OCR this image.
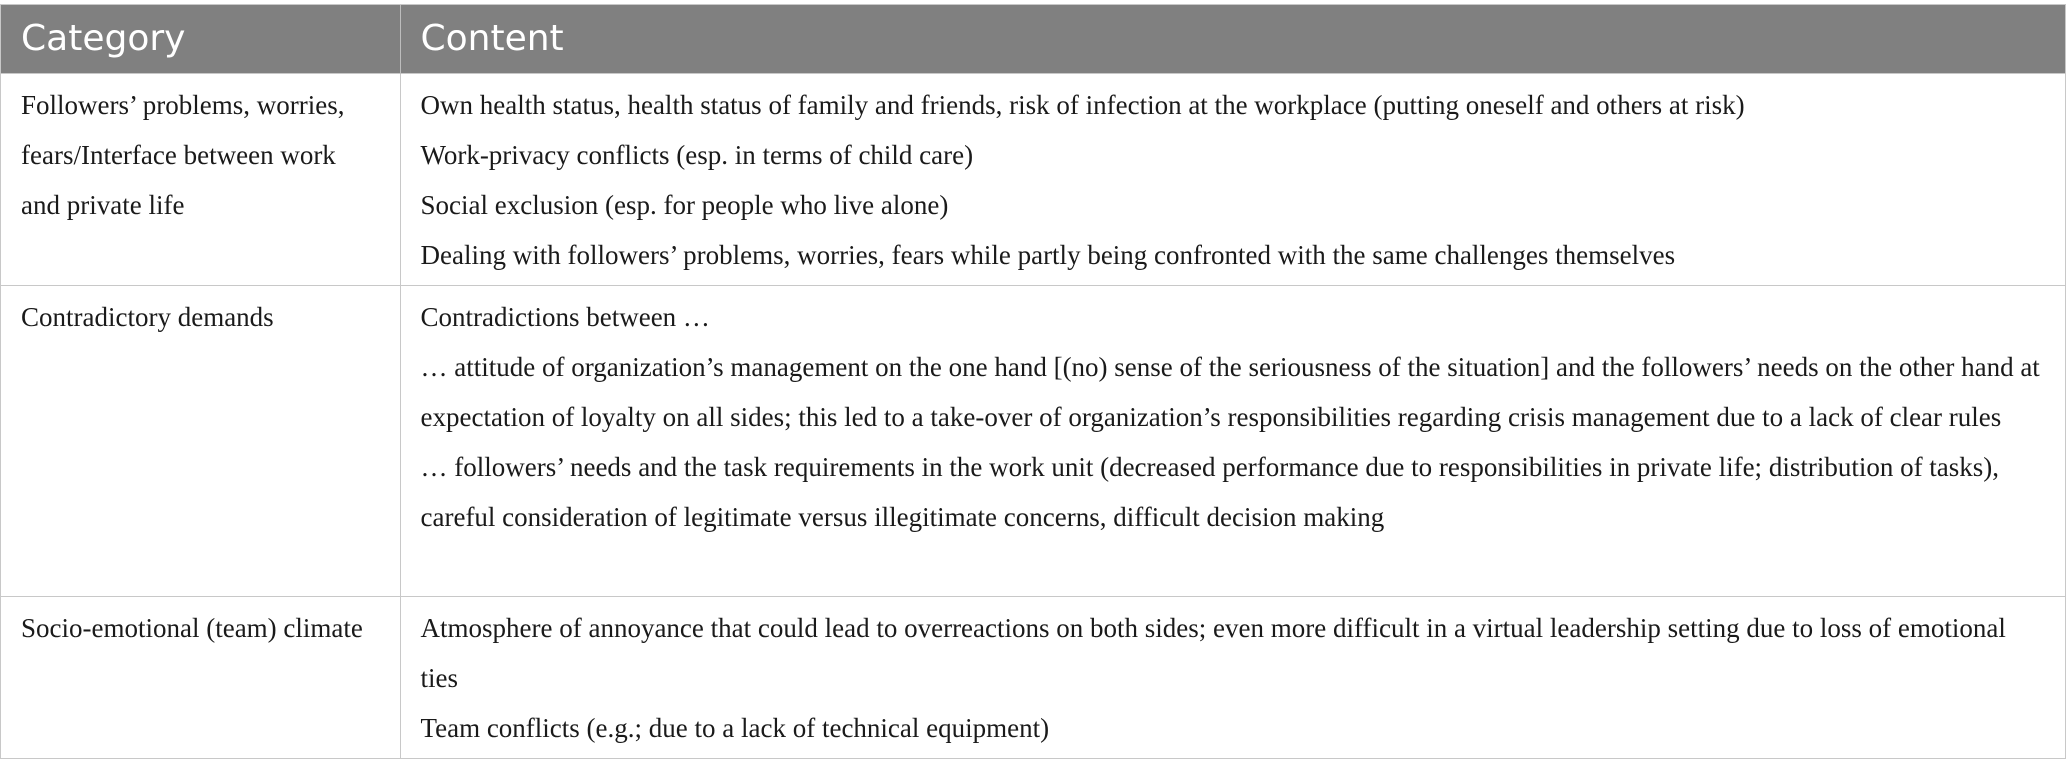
Category	Content
Followers’ problems, worries, fears/Interface between work and private life	Own health status, health status of family and friends, risk of infection at the workplace (putting oneself and others at risk)
Work-privacy conflicts (esp. in terms of child care)
Social exclusion (esp. for people who live alone)
Dealing with followers’ problems, worries, fears while partly being confronted with the same challenges themselves

Contradictory demands	Contradictions between …
… attitude of organization’s management on the one hand [(no) sense of the seriousness of the situation] and the followers’ needs on the other hand at expectation of loyalty on all sides; this led to a take-over of organization’s responsibilities regarding crisis management due to a lack of clear rules
… followers’ needs and the task requirements in the work unit (decreased performance due to responsibilities in private life; distribution of tasks), careful consideration of legitimate versus illegitimate concerns, difficult decision making

Socio-emotional (team) climate	Atmosphere of annoyance that could lead to overreactions on both sides; even more difficult in a virtual leadership setting due to loss of emotional ties
Team conflicts (e.g.; due to a lack of technical equipment)
